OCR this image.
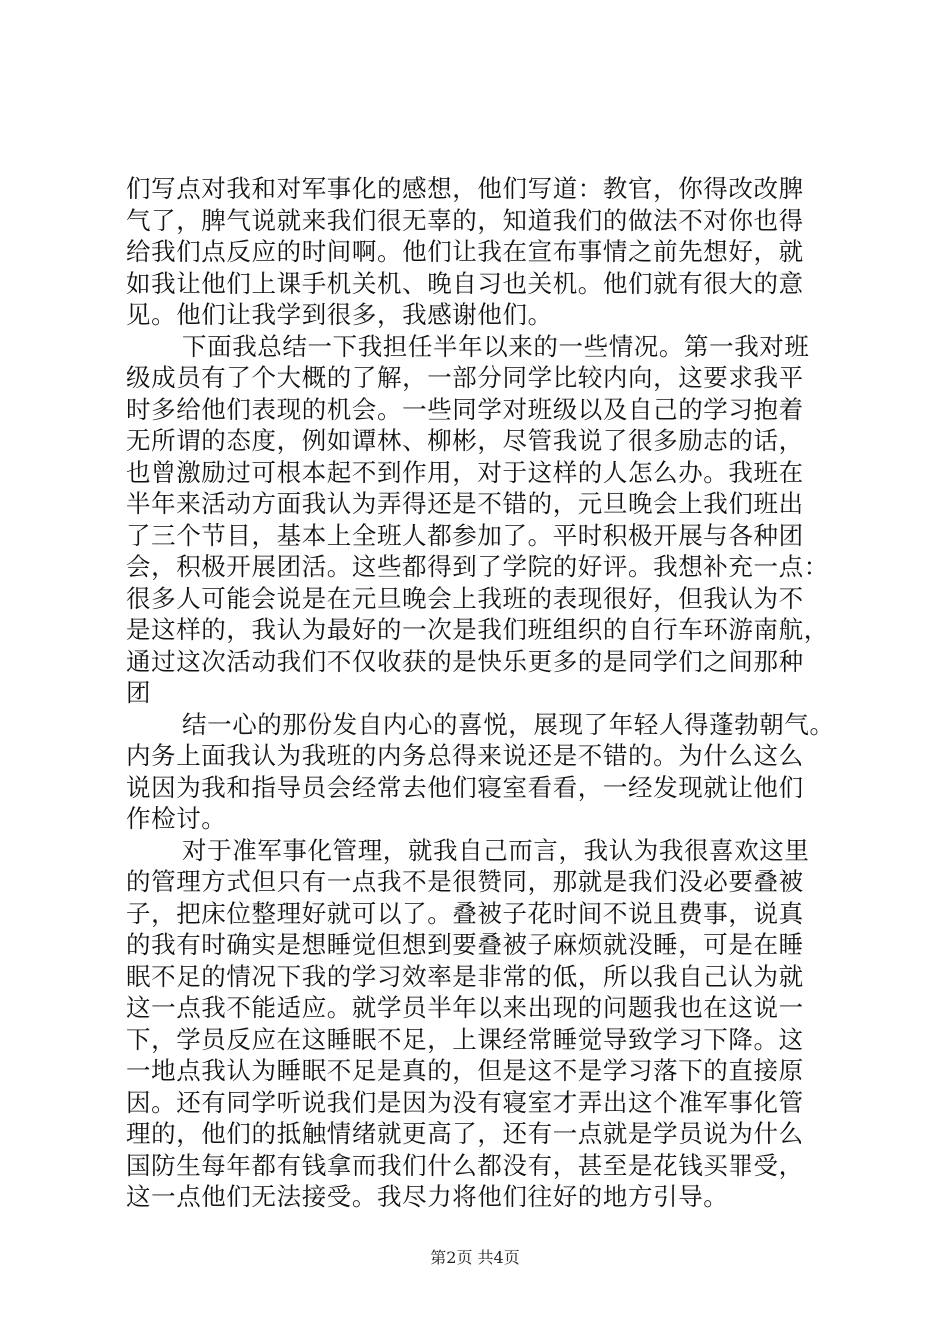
们写点对我和对军事化的感想，他们写道：教官，你得改改脾
气了，脾气说就来我们很无辜的，知道我们的做法不对你也得
给我们点反应的时间啊。他们让我在宣布事情之前先想好，就
如我让他们上课手机关机、晚自习也关机。他们就有很大的意
见。他们让我学到很多，我感谢他们。
下面我总结一下我担任半年以来的一些情况。第一我对班
级成员有了个大概的了解，一部分同学比较内向，这要求我平
时多给他们表现的机会。一些同学对班级以及自己的学习抱着
无所谓的态度，例如谭林、柳彬，尽管我说了很多励志的话，
也曾激励过可根本起不到作用，对于这样的人怎么办。我班在
半年来活动方面我认为弄得还是不错的，元旦晚会上我们班出
了三个节目，基本上全班人都参加了。平时积极开展与各种团
会，积极开展团活。这些都得到了学院的好评。我想补充一点：
很多人可能会说是在元旦晚会上我班的表现很好，但我认为不
是这样的，我认为最好的一次是我们班组织的自行车环游南航，
通过这次活动我们不仅收获的是快乐更多的是同学们之间那种
团
结一心的那份发自内心的喜悦，展现了年轻人得蓬勃朝气。
内务上面我认为我班的内务总得来说还是不错的。为什么这么
说因为我和指导员会经常去他们寝室看看，一经发现就让他们
作检讨。
对于准军事化管理，就我自己而言，我认为我很喜欢这里
的管理方式但只有一点我不是很赞同，那就是我们没必要叠被
子，把床位整理好就可以了。叠被子花时间不说且费事，说真
的我有时确实是想睡觉但想到要叠被子麻烦就没睡，可是在睡
眠不足的情况下我的学习效率是非常的低，所以我自己认为就
这一点我不能适应。就学员半年以来出现的问题我也在这说一
下，学员反应在这睡眠不足，上课经常睡觉导致学习下降。这
一地点我认为睡眠不足是真的，但是这不是学习落下的直接原
因。还有同学听说我们是因为没有寝室才弄出这个准军事化管
理的，他们的抵触情绪就更高了，还有一点就是学员说为什么
国防生每年都有钱拿而我们什么都没有，甚至是花钱买罪受，
这一点他们无法接受。我尽力将他们往好的地方引导。
第2页 共4页
